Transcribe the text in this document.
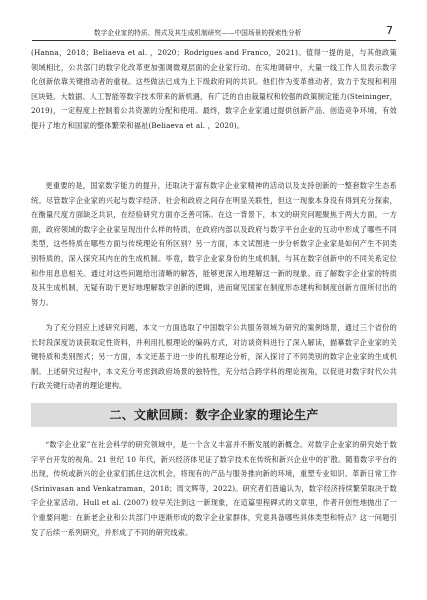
数字企业家的特质、图式及其生成机制研究——中国场景的探索性分析	7

(Hanna，2018；Beliaeva et al. ，2020；Rodrigues and Franco，2021)。值得一提的是，与其他政策领域相比，公共部门的数字化改革更加强调微观层面的企业家行动。在实地调研中，大量一线工作人员表示数字化创新依靠关键推动者的重视。这些做法已成为上下级政府间的共识。他们作为变革推动者，致力于发现和利用区块链、大数据、人工智能等数字技术带来的新机遇，有广泛的自由裁量权和较强的政策制定能力(Steininger，2019)，一定程度上控制着公共资源的分配和使用。最终，数字企业家通过提供创新产品、创造竞争环境，有效提升了地方和国家的整体繁荣和福祉(Beliaeva et al. ，2020)。

更重要的是，国家数字能力的提升，还取决于富有数字企业家精神的活动以及支持创新的一整套数字生态系统。尽管数字企业家的兴起与数字经济、社会和政府之间存在明显关联性，但这一现象本身没有得到充分探索，在衡量尺度方面缺乏共识，在经验研究方面亦乏善可陈。在这一背景下，本文的研究问题聚焦于两大方面，一方面，政府领域的数字企业家呈现出什么样的特质，在政府内部以及政府与数字平台企业的互动中形成了哪些不同类型，这些特质在哪些方面与传统理论有所区别？另一方面，本文试图进一步分析数字企业家是如何产生不同类别特质的，深入探究其内在的生成机制。毕竟，数字企业家身份的生成机制，与其在数字创新中的不同关系定位和作用息息相关。通过对这些问题给出清晰的解答，能够更深入地理解这一新的现象。而了解数字企业家的特质及其生成机制，无疑有助于更好地理解数字创新的逻辑，进而窥见国家在制度形态建构和制度创新方面所付出的努力。

为了充分回应上述研究问题，本文一方面选取了中国数字公共服务领域为研究的案例场景，通过三个省份的长时段深度访谈获取定性资料，并利用扎根理论的编码方式，对访谈资料进行了深入解读，描摹数字企业家的关键特质和类别图式；另一方面，本文还基于进一步的扎根理论分析，深入探讨了不同类别的数字企业家的生成机制。上述研究过程中，本文充分考虑到政府场景的独特性，充分结合跨学科的理论视角，以促进对数字时代公共行政关键行动者的理论建构。

二、文献回顾：数字企业家的理论生产

“数字企业家”在社会科学的研究领域中，是一个含义丰富并不断发展的新概念。对数字企业家的研究始于数字平台开发的视角。21 世纪 10 年代，新兴经济体见证了数字技术在传统和新兴企业中的扩散。随着数字平台的出现，传统或新兴的企业家们抓住这次机会，将现有的产品与服务推向新的环境，重塑专业知识、革新日常工作(Srinivasan and Venkatraman，2018；周文辉等，2022)。研究者们普遍认为，数字经济持续繁荣取决于数字企业家活动。Hull et al. (2007) 较早关注到这一新现象，在這篇里程碑式的文章里，作者开创性地抛出了一个重要问题：在新老企业和公共部门中逐渐形成的数字企业家群体，究竟具备哪些具体类型和特点？这一问题引发了后续一系列研究，并形成了不同的研究线索。
